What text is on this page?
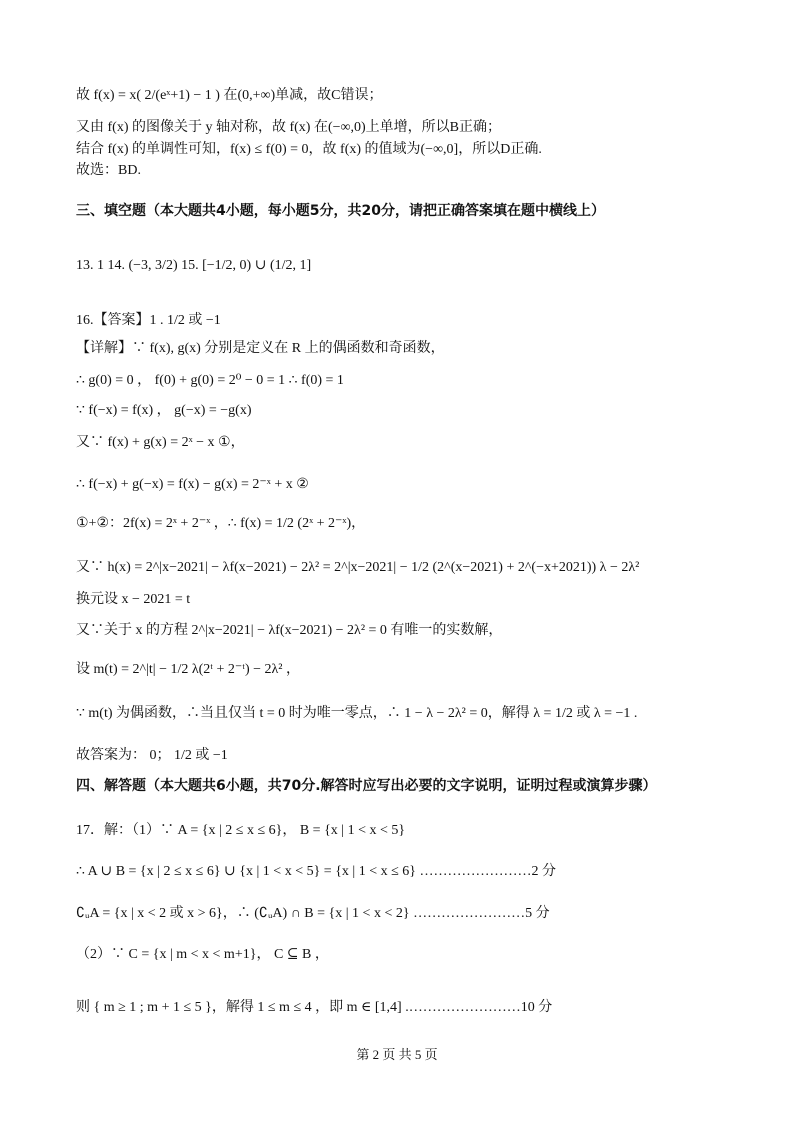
故 f(x) = x( 2/(eˣ+1) − 1 ) 在(0,+∞)单减，故C错误；
又由 f(x) 的图像关于 y 轴对称，故 f(x) 在(−∞,0)上单增，所以B正确；
结合 f(x) 的单调性可知，f(x) ≤ f(0) = 0，故 f(x) 的值域为(−∞,0]，所以D正确.
故选：BD.
三、填空题（本大题共4小题，每小题5分，共20分，请把正确答案填在题中横线上）
13. 1 14. (−3, 3/2) 15. [−1/2, 0) ∪ (1/2, 1]
16.【答案】1 . 1/2 或 −1
【详解】∵ f(x), g(x) 分别是定义在 R 上的偶函数和奇函数，
∴ g(0) = 0 ， f(0) + g(0) = 2⁰ − 0 = 1 ∴ f(0) = 1
∵ f(−x) = f(x) ， g(−x) = −g(x)
又∵ f(x) + g(x) = 2ˣ − x ①，
∴ f(−x) + g(−x) = f(x) − g(x) = 2⁻ˣ + x ②
①+②：2f(x) = 2ˣ + 2⁻ˣ ，∴ f(x) = 1/2 (2ˣ + 2⁻ˣ)，
又∵ h(x) = 2^|x−2021| − λf(x−2021) − 2λ² = 2^|x−2021| − 1/2 (2^(x−2021) + 2^(−x+2021)) λ − 2λ²
换元设 x − 2021 = t
又∵关于 x 的方程 2^|x−2021| − λf(x−2021) − 2λ² = 0 有唯一的实数解，
设 m(t) = 2^|t| − 1/2 λ(2ᵗ + 2⁻ᵗ) − 2λ² ，
∵ m(t) 为偶函数，∴当且仅当 t = 0 时为唯一零点，∴ 1 − λ − 2λ² = 0，解得 λ = 1/2 或 λ = −1 .
故答案为： 0； 1/2 或 −1
四、解答题（本大题共6小题，共70分.解答时应写出必要的文字说明，证明过程或演算步骤）
17．解：（1）∵ A = {x | 2 ≤ x ≤ 6}， B = {x | 1 < x < 5}
∴ A ∪ B = {x | 2 ≤ x ≤ 6} ∪ {x | 1 < x < 5} = {x | 1 < x ≤ 6} ……………………2 分
∁ᵤA = {x | x < 2 或 x > 6}，∴ (∁ᵤA) ∩ B = {x | 1 < x < 2} ……………………5 分
（2）∵ C = {x | m < x < m+1}， C ⊆ B ，
则 { m ≥ 1 ; m + 1 ≤ 5 }，解得 1 ≤ m ≤ 4 ，即 m ∈ [1,4] .……………………10 分
第 2 页 共 5 页
